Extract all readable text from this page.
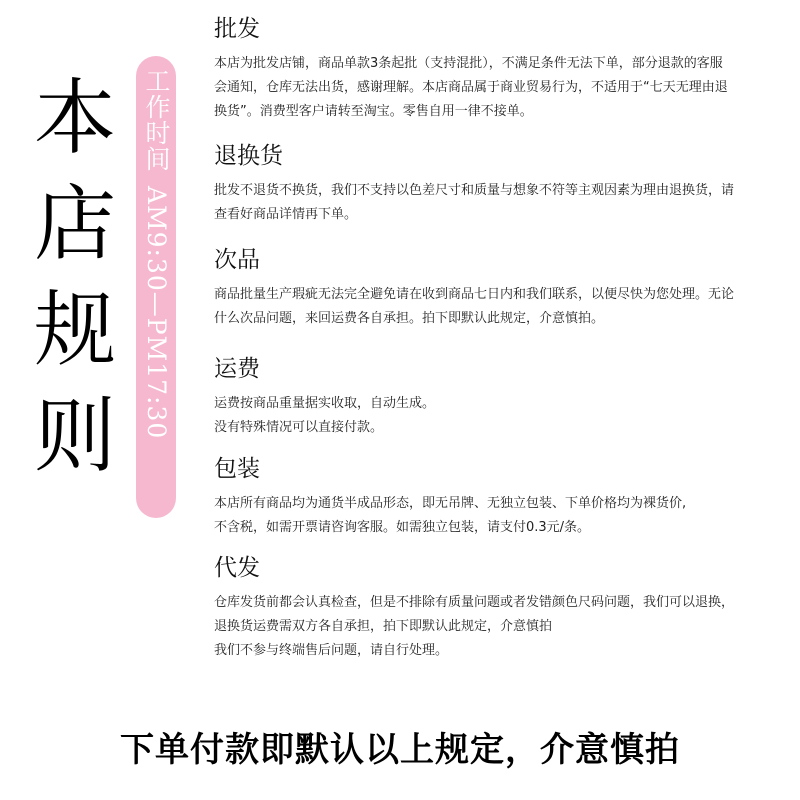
本
店
规
则
工作时间AM9:30—PM17:30
批发
本店为批发店铺，商品单款3条起批（支持混批），不满足条件无法下单，部分退款的客服
会通知，仓库无法出货，感谢理解。本店商品属于商业贸易行为，不适用于“七天无理由退
换货”。消费型客户请转至淘宝。零售自用一律不接单。
退换货
批发不退货不换货，我们不支持以色差尺寸和质量与想象不符等主观因素为理由退换货，请
查看好商品详情再下单。
次品
商品批量生产瑕疵无法完全避免请在收到商品七日内和我们联系，以便尽快为您处理。无论
什么次品问题，来回运费各自承担。拍下即默认此规定，介意慎拍。
运费
运费按商品重量据实收取，自动生成。
没有特殊情况可以直接付款。
包装
本店所有商品均为通货半成品形态，即无吊牌、无独立包装、下单价格均为裸货价,
不含税，如需开票请咨询客服。如需独立包装，请支付0.3元/条。
代发
仓库发货前都会认真检查，但是不排除有质量问题或者发错颜色尺码问题，我们可以退换，
退换货运费需双方各自承担，拍下即默认此规定，介意慎拍
我们不参与终端售后问题，请自行处理。
下单付款即默认以上规定，介意慎拍
